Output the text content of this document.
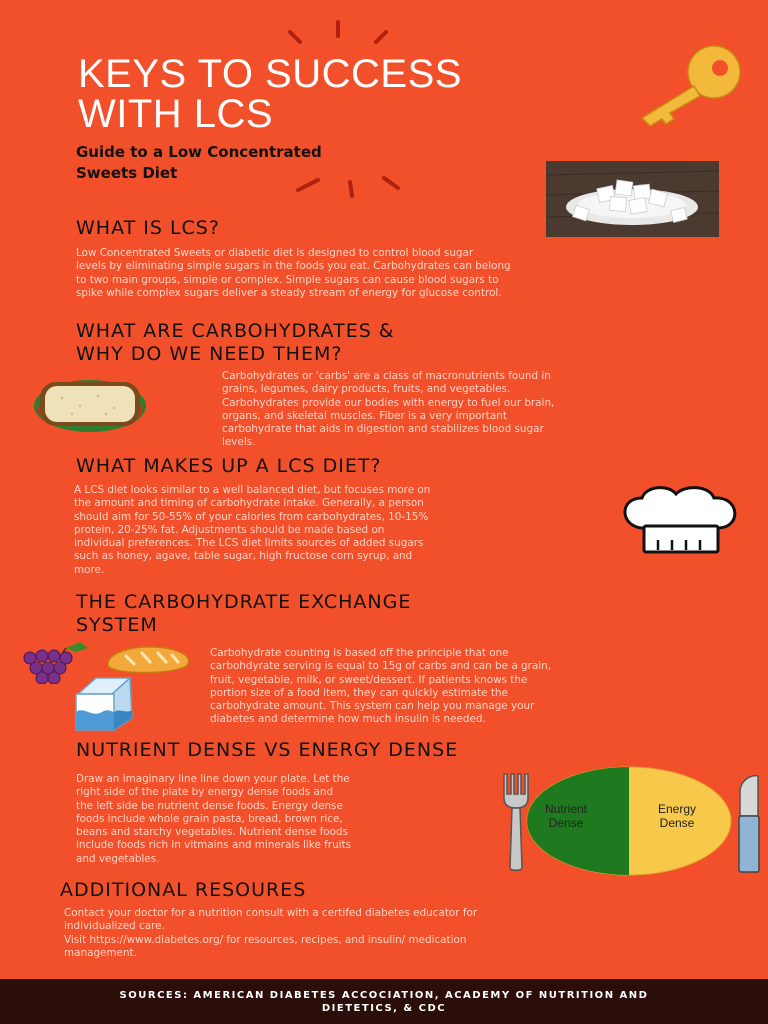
KEYS TO SUCCESS
WITH LCS
Guide to a Low Concentrated
Sweets Diet
WHAT IS LCS?
Low Concentrated Sweets or diabetic diet is designed to control blood sugar
levels by eliminating simple sugars in the foods you eat. Carbohydrates can belong
to two main groups, simple or complex. Simple sugars can cause blood sugars to
spike while complex sugars deliver a steady stream of energy for glucose control.
WHAT ARE CARBOHYDRATES &
WHY DO WE NEED THEM?
Carbohydrates or 'carbs' are a class of macronutrients found in
grains, legumes, dairy products, fruits, and vegetables.
Carbohydrates provide our bodies with energy to fuel our brain,
organs, and skeletal muscles. Fiber is a very important
carbohydrate that aids in digestion and stabilizes blood sugar
levels.
WHAT MAKES UP A LCS DIET?
A LCS diet looks similar to a well balanced diet, but focuses more on
the amount and timing of carbohydrate intake. Generally, a person
should aim for 50-55% of your calories from carbohydrates, 10-15%
protein, 20-25% fat. Adjustments should be made based on
individual preferences. The LCS diet limits sources of added sugars
such as honey, agave, table sugar, high fructose corn syrup, and
more.
THE CARBOHYDRATE EXCHANGE
SYSTEM
Carbohydrate counting is based off the principle that one
carbohdyrate serving is equal to 15g of carbs and can be a grain,
fruit, vegetable, milk, or sweet/dessert. If patients knows the
portion size of a food item, they can quickly estimate the
carbohydrate amount. This system can help you manage your
diabetes and determine how much insulin is needed.
NUTRIENT DENSE VS ENERGY DENSE
Draw an imaginary line line down your plate. Let the
right side of the plate by energy dense foods and
the left side be nutrient dense foods. Energy dense
foods include whole grain pasta, bread, brown rice,
beans and starchy vegetables. Nutrient dense foods
include foods rich in vitmains and minerals like fruits
and vegetables.
Nutrient
Dense
Energy
Dense
ADDITIONAL RESOURES
Contact your doctor for a nutrition consult with a certifed diabetes educator for
individualized care.
Visit https://www.diabetes.org/ for resources, recipes, and insulin/ medication
management.
SOURCES: AMERICAN DIABETES ACCOCIATION, ACADEMY OF NUTRITION AND
DIETETICS, & CDC
